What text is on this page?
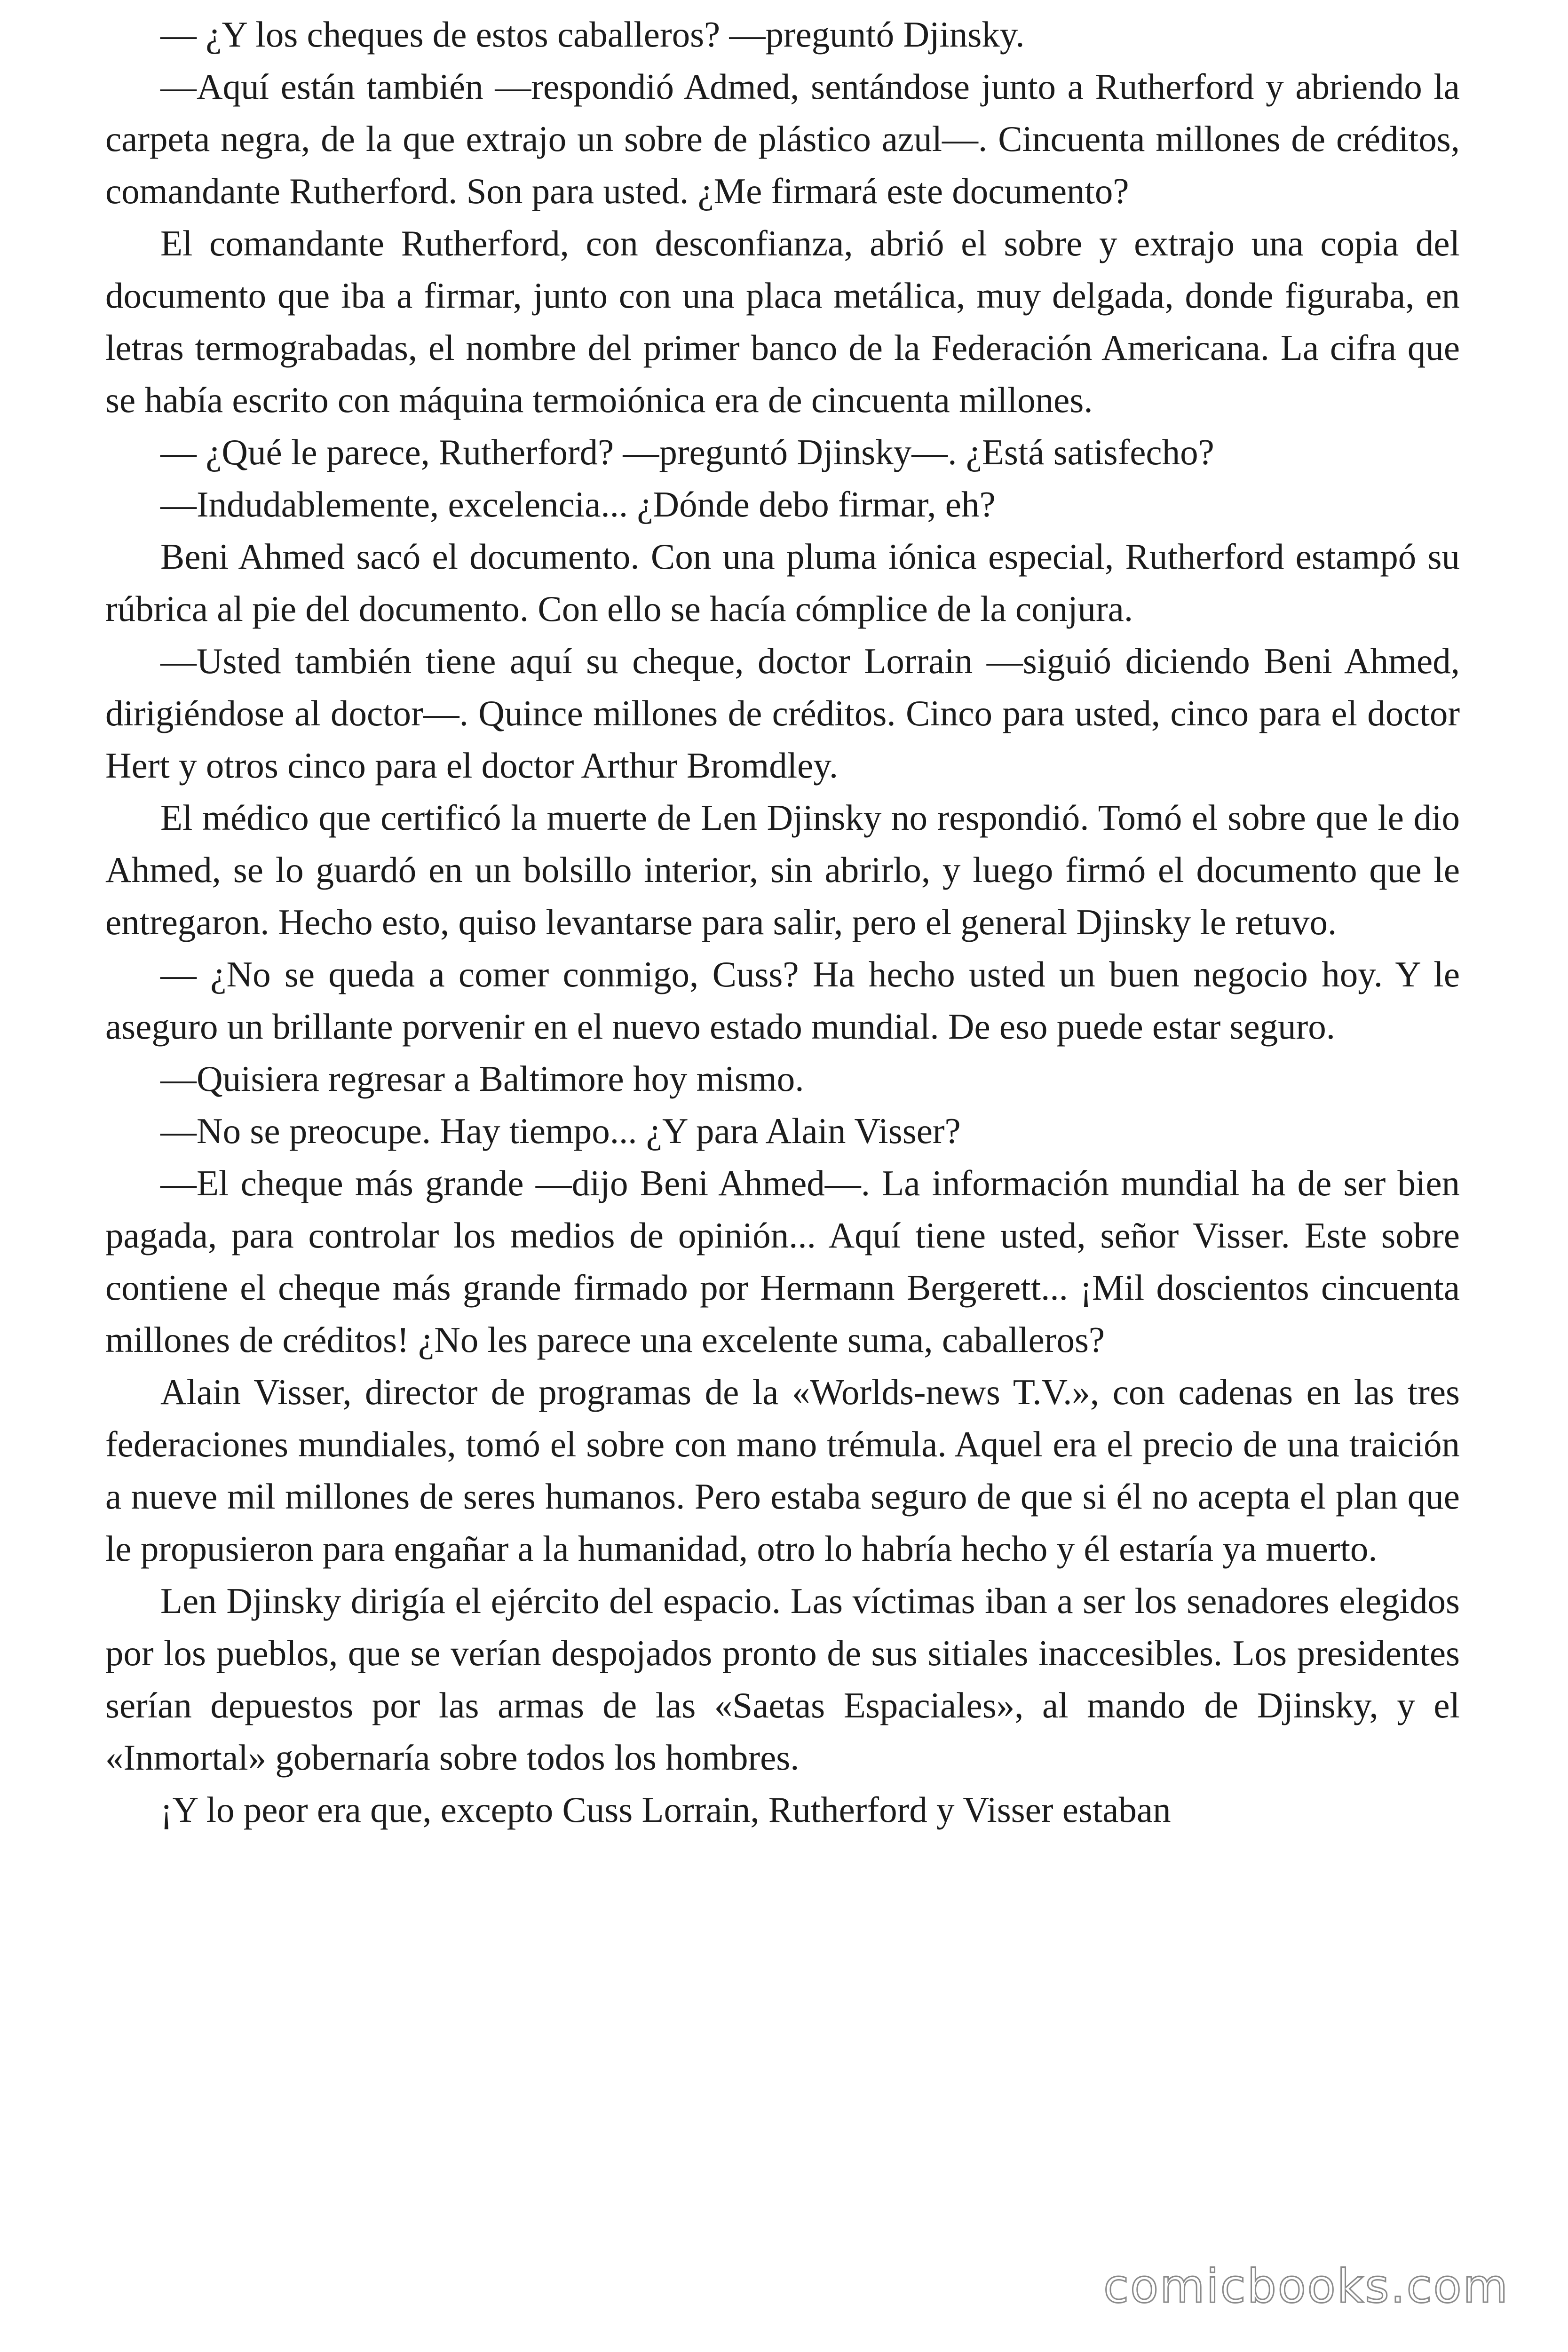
— ¿Y los cheques de estos caballeros? —preguntó Djinsky.

—Aquí están también —respondió Admed, sentándose junto a Rutherford y abriendo la carpeta negra, de la que extrajo un sobre de plástico azul—. Cincuenta millones de créditos, comandante Rutherford. Son para usted. ¿Me firmará este documento?

El comandante Rutherford, con desconfianza, abrió el sobre y extrajo una copia del documento que iba a firmar, junto con una placa metálica, muy delgada, donde figuraba, en letras termograbadas, el nombre del primer banco de la Federación Americana. La cifra que se había escrito con máquina termoiónica era de cincuenta millones.

— ¿Qué le parece, Rutherford? —preguntó Djinsky—. ¿Está satisfecho?

—Indudablemente, excelencia... ¿Dónde debo firmar, eh?

Beni Ahmed sacó el documento. Con una pluma iónica especial, Rutherford estampó su rúbrica al pie del documento. Con ello se hacía cómplice de la conjura.

—Usted también tiene aquí su cheque, doctor Lorrain —siguió diciendo Beni Ahmed, dirigiéndose al doctor—. Quince millones de créditos. Cinco para usted, cinco para el doctor Hert y otros cinco para el doctor Arthur Bromdley.

El médico que certificó la muerte de Len Djinsky no respondió. Tomó el sobre que le dio Ahmed, se lo guardó en un bolsillo interior, sin abrirlo, y luego firmó el documento que le entregaron. Hecho esto, quiso levantarse para salir, pero el general Djinsky le retuvo.

— ¿No se queda a comer conmigo, Cuss? Ha hecho usted un buen negocio hoy. Y le aseguro un brillante porvenir en el nuevo estado mundial. De eso puede estar seguro.

—Quisiera regresar a Baltimore hoy mismo.

—No se preocupe. Hay tiempo... ¿Y para Alain Visser?

—El cheque más grande —dijo Beni Ahmed—. La información mundial ha de ser bien pagada, para controlar los medios de opinión... Aquí tiene usted, señor Visser. Este sobre contiene el cheque más grande firmado por Hermann Bergerett... ¡Mil doscientos cincuenta millones de créditos! ¿No les parece una excelente suma, caballeros?

Alain Visser, director de programas de la «Worlds-news T.V.», con cadenas en las tres federaciones mundiales, tomó el sobre con mano trémula. Aquel era el precio de una traición a nueve mil millones de seres humanos. Pero estaba seguro de que si él no acepta el plan que le propusieron para engañar a la humanidad, otro lo habría hecho y él estaría ya muerto.

Len Djinsky dirigía el ejército del espacio. Las víctimas iban a ser los senadores elegidos por los pueblos, que se verían despojados pronto de sus sitiales inaccesibles. Los presidentes serían depuestos por las armas de las «Saetas Espaciales», al mando de Djinsky, y el «Inmortal» gobernaría sobre todos los hombres.

¡Y lo peor era que, excepto Cuss Lorrain, Rutherford y Visser estaban

comicbooks.com
